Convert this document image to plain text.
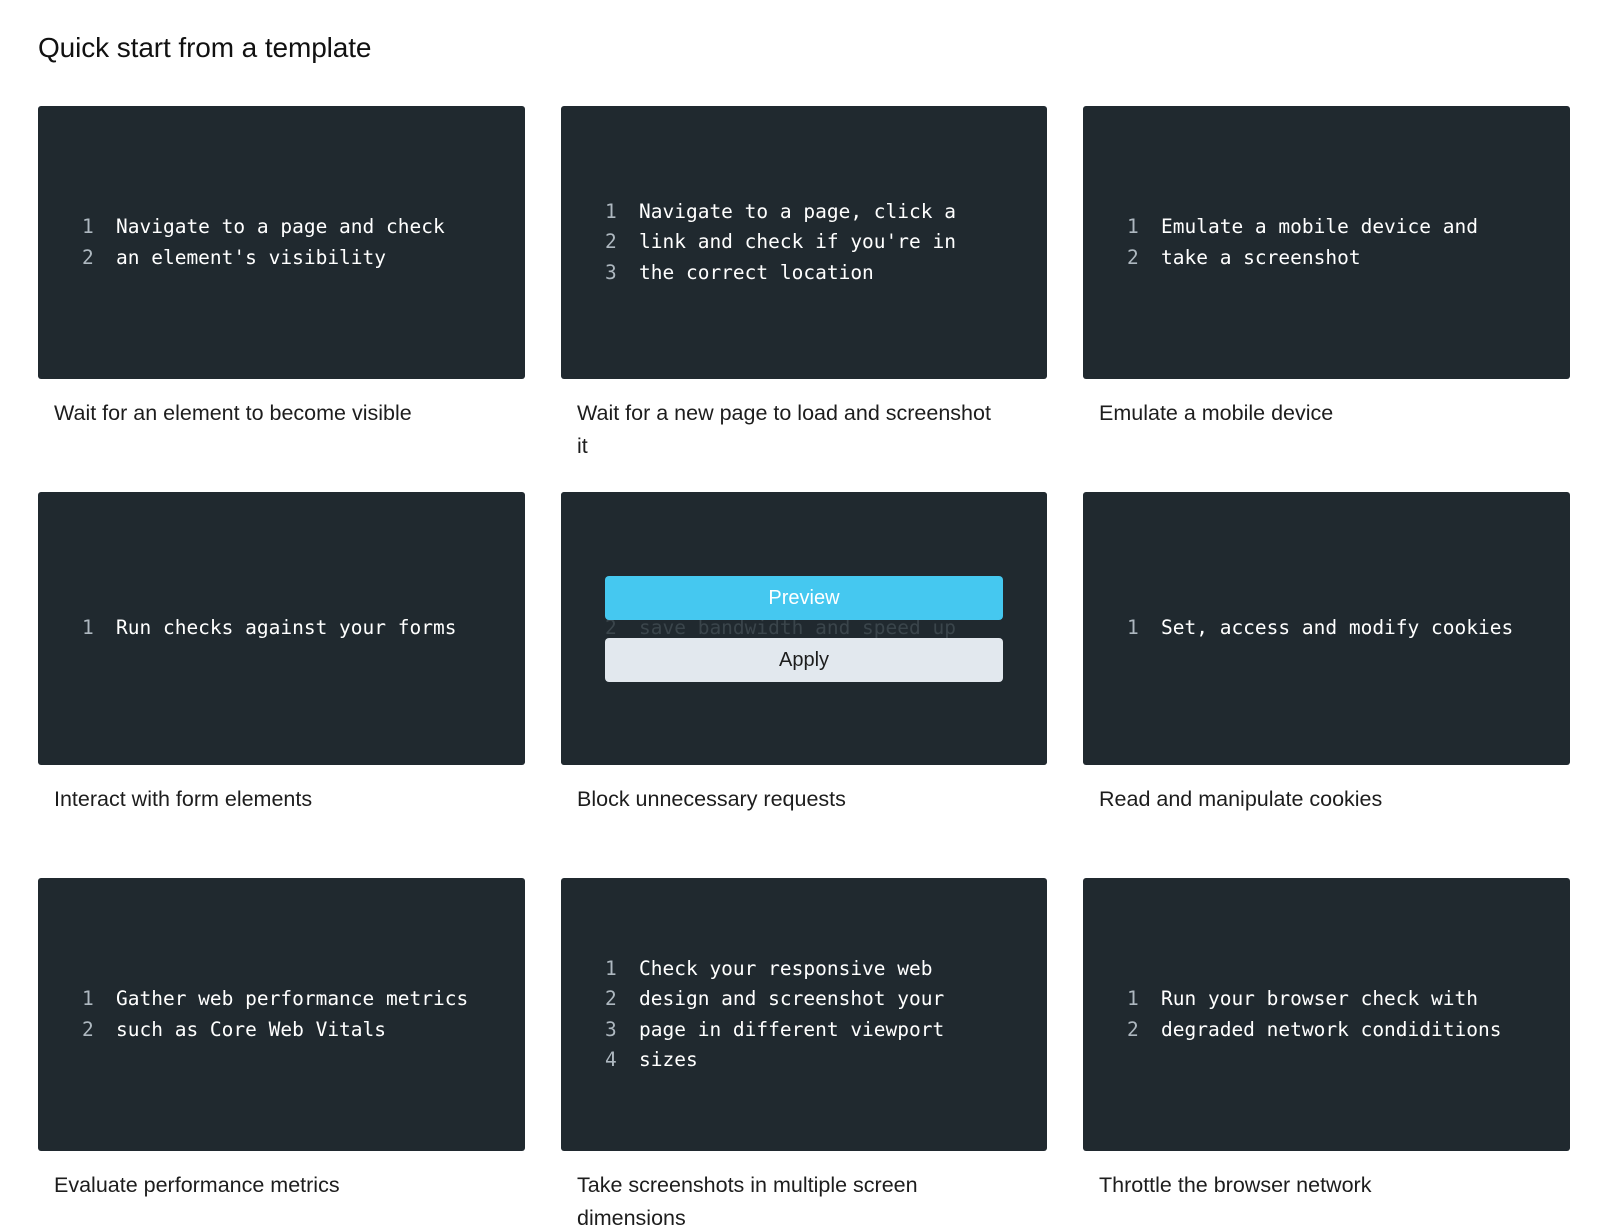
Quick start from a template
1 Navigate to a page and check
2 an element's visibility
Wait for an element to become visible
1 Navigate to a page, click a
2 link and check if you're in
3 the correct location
Wait for a new page to load and screenshot it
1 Emulate a mobile device and
2 take a screenshot
Emulate a mobile device
1 Run checks against your forms
Interact with form elements
Preview
Apply
Block unnecessary requests
1 Set, access and modify cookies
Read and manipulate cookies
1 Gather web performance metrics
2 such as Core Web Vitals
Evaluate performance metrics
1 Check your responsive web
2 design and screenshot your
3 page in different viewport
4 sizes
Take screenshots in multiple screen dimensions
1 Run your browser check with
2 degraded network condiditions
Throttle the browser network
